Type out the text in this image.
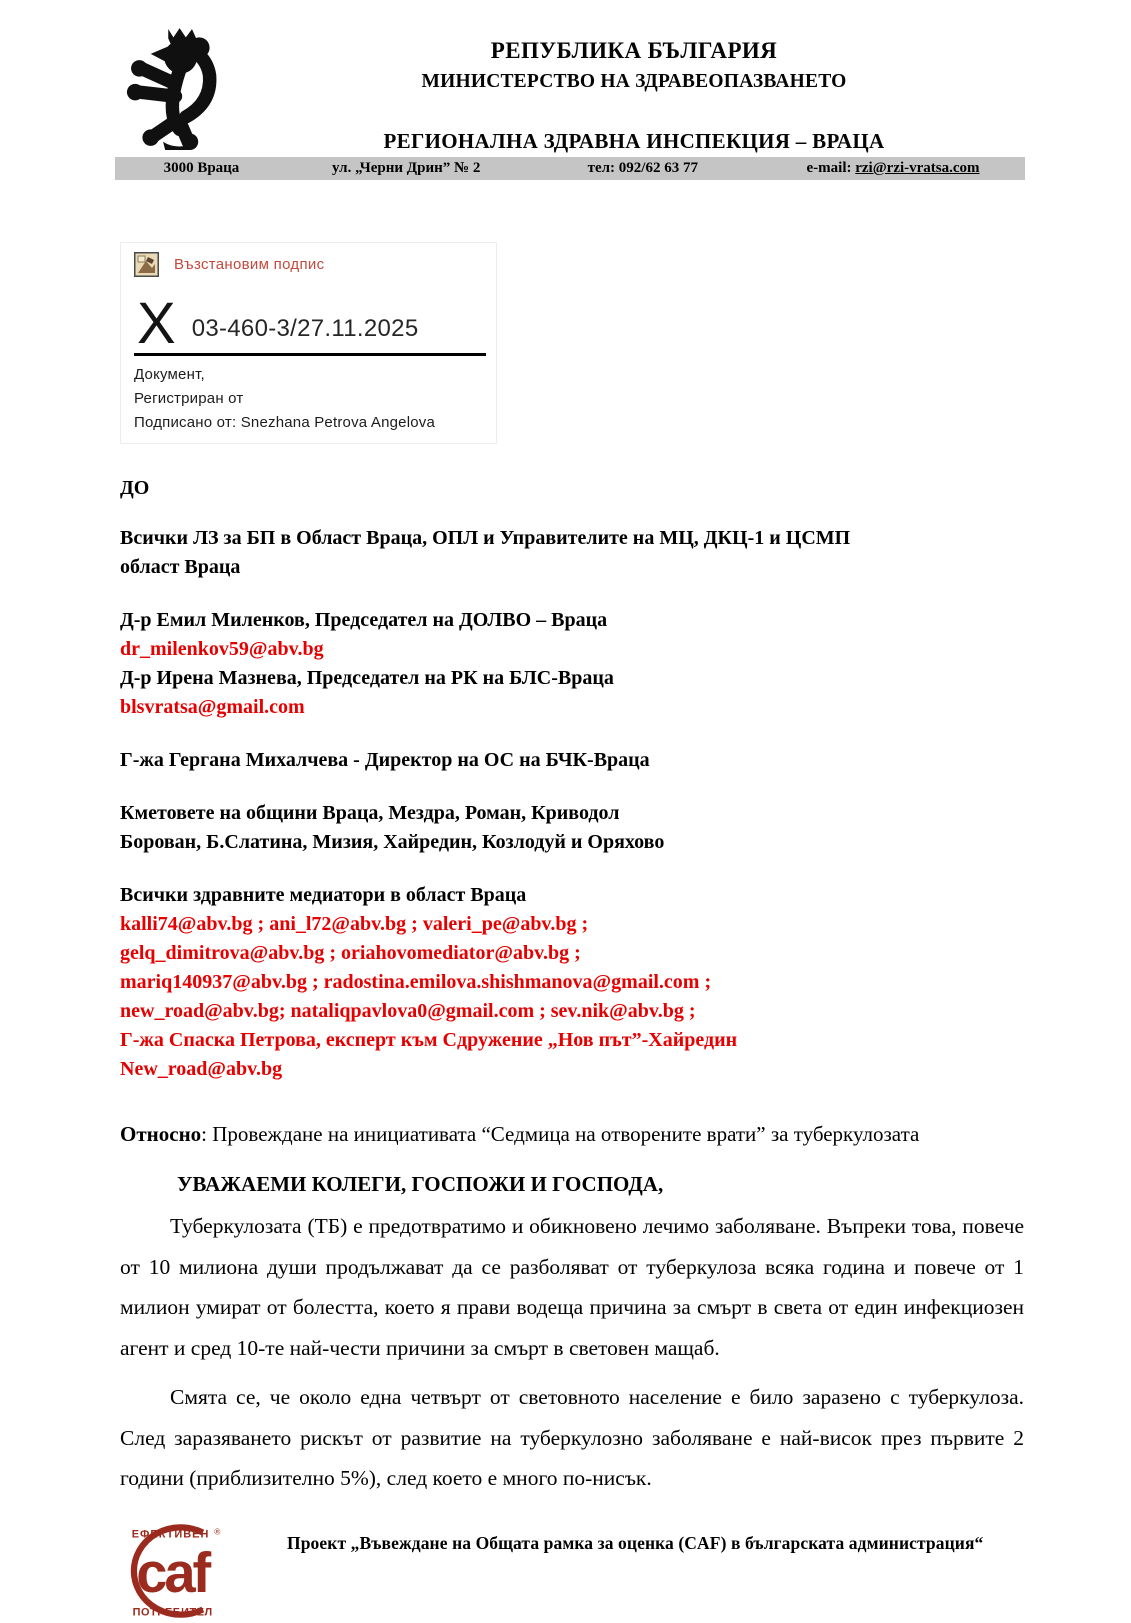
РЕПУБЛИКА БЪЛГАРИЯ
МИНИСТЕРСТВО НА ЗДРАВЕОПАЗВАНЕТО
РЕГИОНАЛНА ЗДРАВНА ИНСПЕКЦИЯ – ВРАЦА
3000 Враца	ул. „Черни Дрин” № 2	тел: 092/62 63 77	e-mail: rzi@rzi-vratsa.com
Възстановим подпис
X 03-460-3/27.11.2025
Документ,
Регистриран от
Подписано от: Snezhana Petrova Angelova
ДО
Всички ЛЗ за БП в Област Враца, ОПЛ и Управителите на МЦ, ДКЦ-1 и ЦСМП
област Враца
Д-р Емил Миленков, Председател на ДОЛВО – Враца
dr_milenkov59@abv.bg
Д-р Ирена Мазнева, Председател на РК на БЛС-Враца
blsvratsa@gmail.com
Г-жа Гергана Михалчева - Директор на ОС на БЧК-Враца
Кметовете на общини Враца, Мездра, Роман, Криводол
Борован, Б.Слатина, Мизия, Хайредин, Козлодуй и Оряхово
Всички здравните медиатори в област Враца
kalli74@abv.bg ; ani_l72@abv.bg ; valeri_pe@abv.bg ;
gelq_dimitrova@abv.bg ; oriahovomediator@abv.bg ;
mariq140937@abv.bg ; radostina.emilova.shishmanova@gmail.com ;
new_road@abv.bg; nataliqpavlova0@gmail.com ; sev.nik@abv.bg ;
Г-жа Спаска Петрова, експерт към Сдружение „Нов път”-Хайредин
New_road@abv.bg

Относно: Провеждане на инициативата “Седмица на отворените врати” за туберкулозата

УВАЖАЕМИ КОЛЕГИ, ГОСПОЖИ И ГОСПОДА,

Туберкулозата (ТБ) е предотвратимо и обикновено лечимо заболяване. Въпреки това, повече от 10 милиона души продължават да се разболяват от туберкулоза всяка година и повече от 1 милион умират от болестта, което я прави водеща причина за смърт в света от един инфекциозен агент и сред 10-те най-чести причини за смърт в световен мащаб.

Смята се, че около една четвърт от световното население е било заразено с туберкулоза. След заразяването рискът от развитие на туберкулозно заболяване е най-висок през първите 2 години (приблизително 5%), след което е много по-нисък.

ЕФЕКТИВЕН ®
caf
ПОТРЕБИТЕЛ
Проект „Въвеждане на Общата рамка за оценка (CAF) в българската администрация“
